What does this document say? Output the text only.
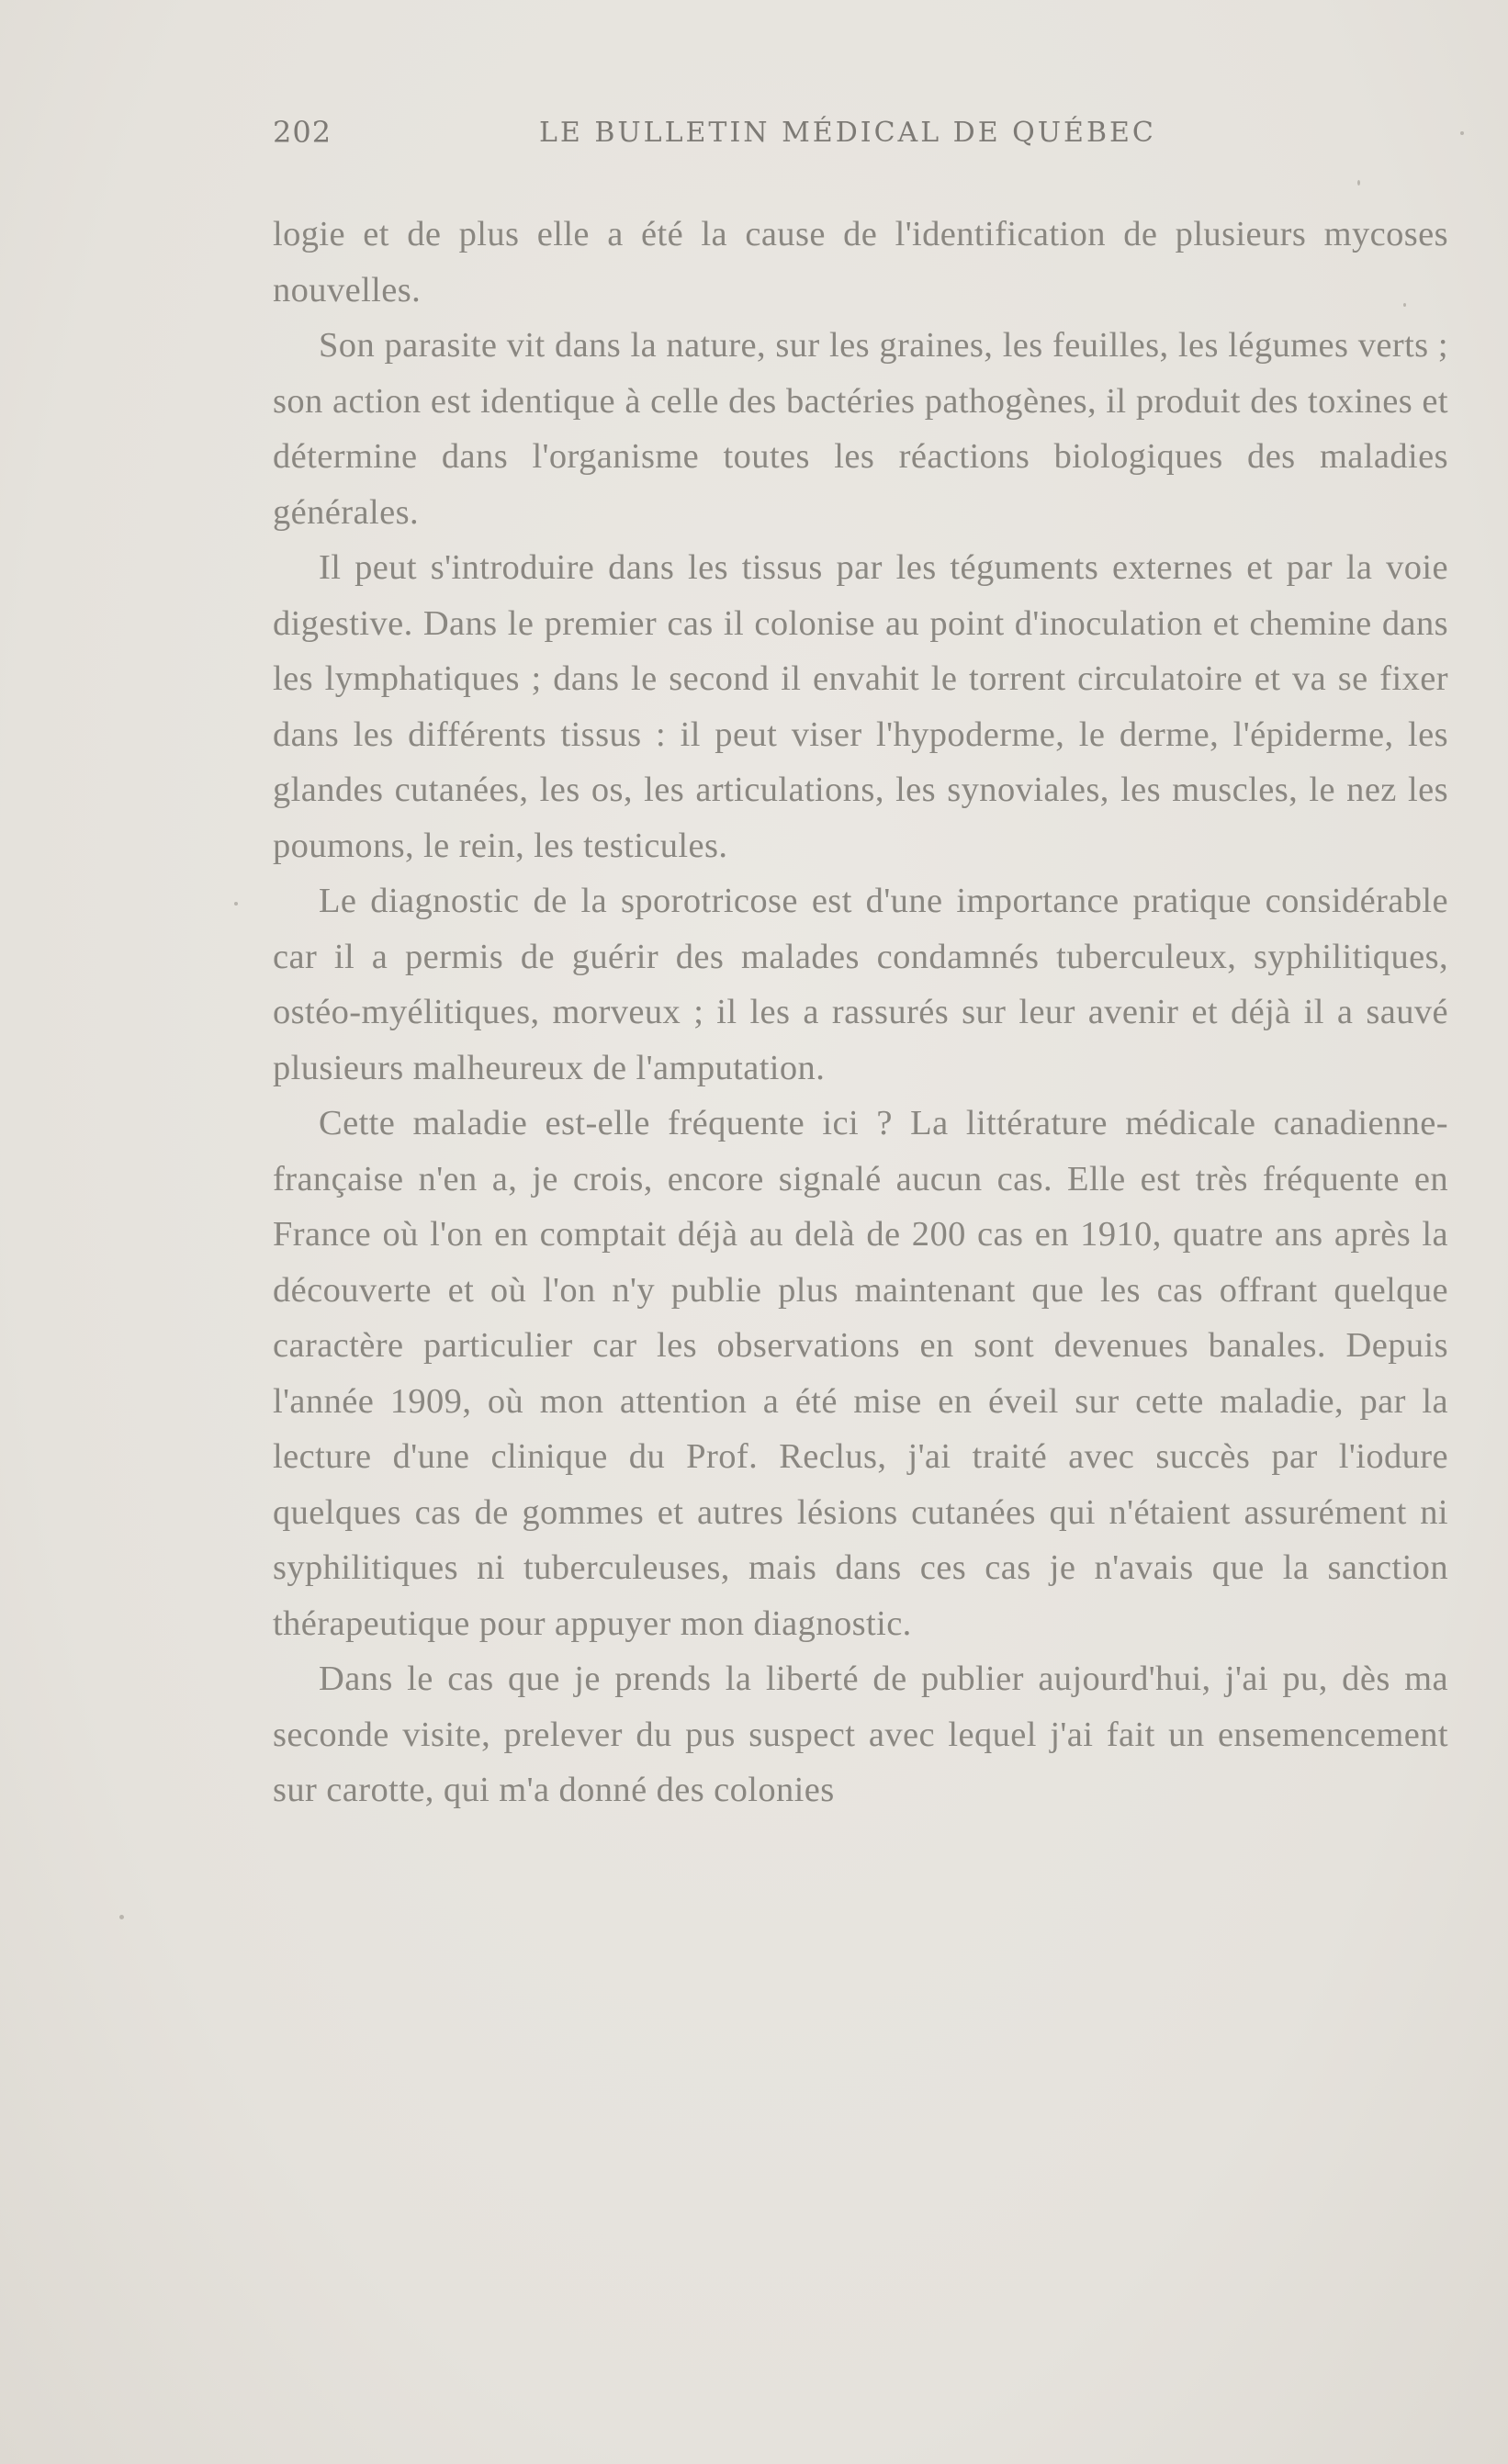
202	LE BULLETIN MÉDICAL DE QUÉBEC

logie et de plus elle a été la cause de l'identification de plusieurs mycoses nouvelles.

Son parasite vit dans la nature, sur les graines, les feuilles, les légumes verts ; son action est identique à celle des bactéries pathogènes, il produit des toxines et détermine dans l'organisme toutes les réactions biologiques des maladies générales.

Il peut s'introduire dans les tissus par les téguments externes et par la voie digestive. Dans le premier cas il colonise au point d'inoculation et chemine dans les lymphatiques ; dans le second il envahit le torrent circulatoire et va se fixer dans les différents tissus : il peut viser l'hypoderme, le derme, l'épiderme, les glandes cutanées, les os, les articulations, les synoviales, les muscles, le nez les poumons, le rein, les testicules.

Le diagnostic de la sporotricose est d'une importance pratique considérable car il a permis de guérir des malades condamnés tuberculeux, syphilitiques, ostéo-myélitiques, morveux ; il les a rassurés sur leur avenir et déjà il a sauvé plusieurs malheureux de l'amputation.

Cette maladie est-elle fréquente ici ? La littérature médicale canadienne-française n'en a, je crois, encore signalé aucun cas. Elle est très fréquente en France où l'on en comptait déjà au delà de 200 cas en 1910, quatre ans après la découverte et où l'on n'y publie plus maintenant que les cas offrant quelque caractère particulier car les observations en sont devenues banales. Depuis l'année 1909, où mon attention a été mise en éveil sur cette maladie, par la lecture d'une clinique du Prof. Reclus, j'ai traité avec succès par l'iodure quelques cas de gommes et autres lésions cutanées qui n'étaient assurément ni syphilitiques ni tuberculeuses, mais dans ces cas je n'avais que la sanction thérapeutique pour appuyer mon diagnostic.

Dans le cas que je prends la liberté de publier aujourd'hui, j'ai pu, dès ma seconde visite, prelever du pus suspect avec lequel j'ai fait un ensemencement sur carotte, qui m'a donné des colonies
